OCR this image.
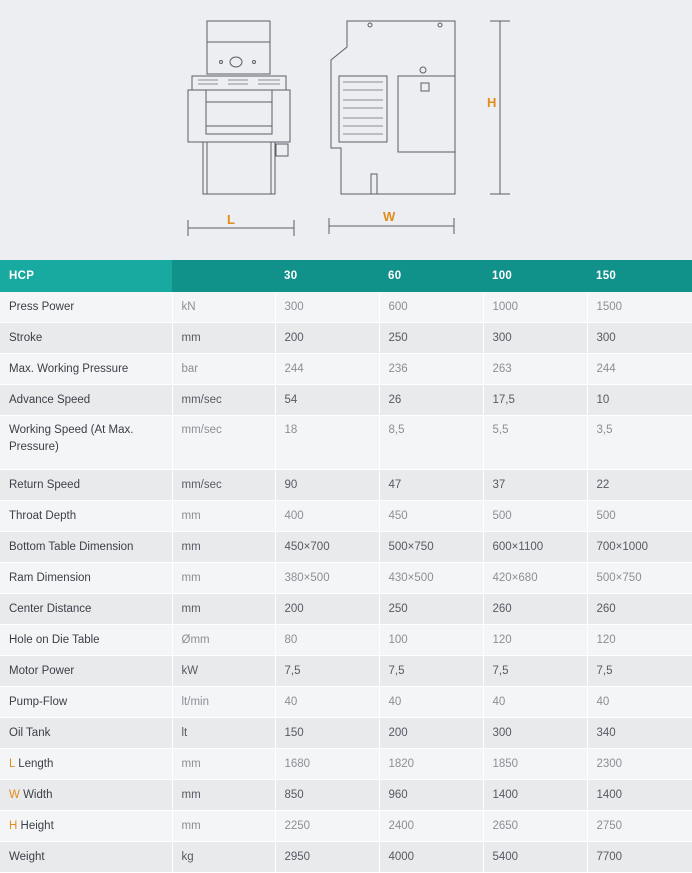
L	W
H
HCP		30	60	100	150
Press Power	kN	300	600	1000	1500
Stroke	mm	200	250	300	300
Max. Working Pressure	bar	244	236	263	244
Advance Speed	mm/sec	54	26	17,5	10
Working Speed (At Max. Pressure)	mm/sec	18	8,5	5,5	3,5
Return Speed	mm/sec	90	47	37	22
Throat Depth	mm	400	450	500	500
Bottom Table Dimension	mm	450×700	500×750	600×1100	700×1000
Ram Dimension	mm	380×500	430×500	420×680	500×750
Center Distance	mm	200	250	260	260
Hole on Die Table	Ømm	80	100	120	120
Motor Power	kW	7,5	7,5	7,5	7,5
Pump-Flow	lt/min	40	40	40	40
Oil Tank	lt	150	200	300	340
L Length	mm	1680	1820	1850	2300
W Width	mm	850	960	1400	1400
H Height	mm	2250	2400	2650	2750
Weight	kg	2950	4000	5400	7700
